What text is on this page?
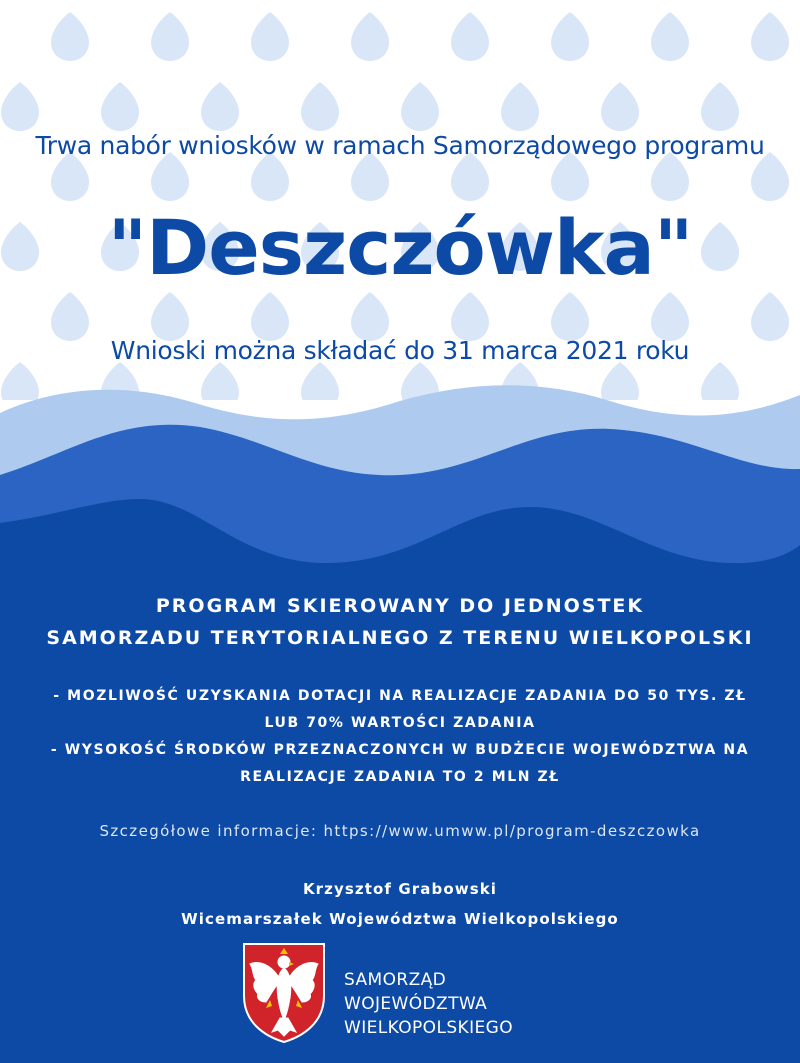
Trwa nabór wniosków w ramach Samorządowego programu

"Deszczówka"

Wnioski można składać do 31 marca 2021 roku

PROGRAM SKIEROWANY DO JEDNOSTEK
SAMORZADU TERYTORIALNEGO Z TERENU WIELKOPOLSKI
- MOZLIWOŚĆ UZYSKANIA DOTACJI NA REALIZACJE ZADANIA DO 50 TYS. ZŁ
LUB 70% WARTOŚCI ZADANIA
- WYSOKOŚĆ ŚRODKÓW PRZEZNACZONYCH W BUDŻECIE WOJEWÓDZTWA NA
REALIZACJE ZADANIA TO 2 MLN ZŁ

Szczegółowe informacje: https://www.umww.pl/program-deszczowka

Krzysztof Grabowski
Wicemarszałek Województwa Wielkopolskiego
SAMORZĄD WOJEWÓDZTWA
WIELKOPOLSKIEGO
